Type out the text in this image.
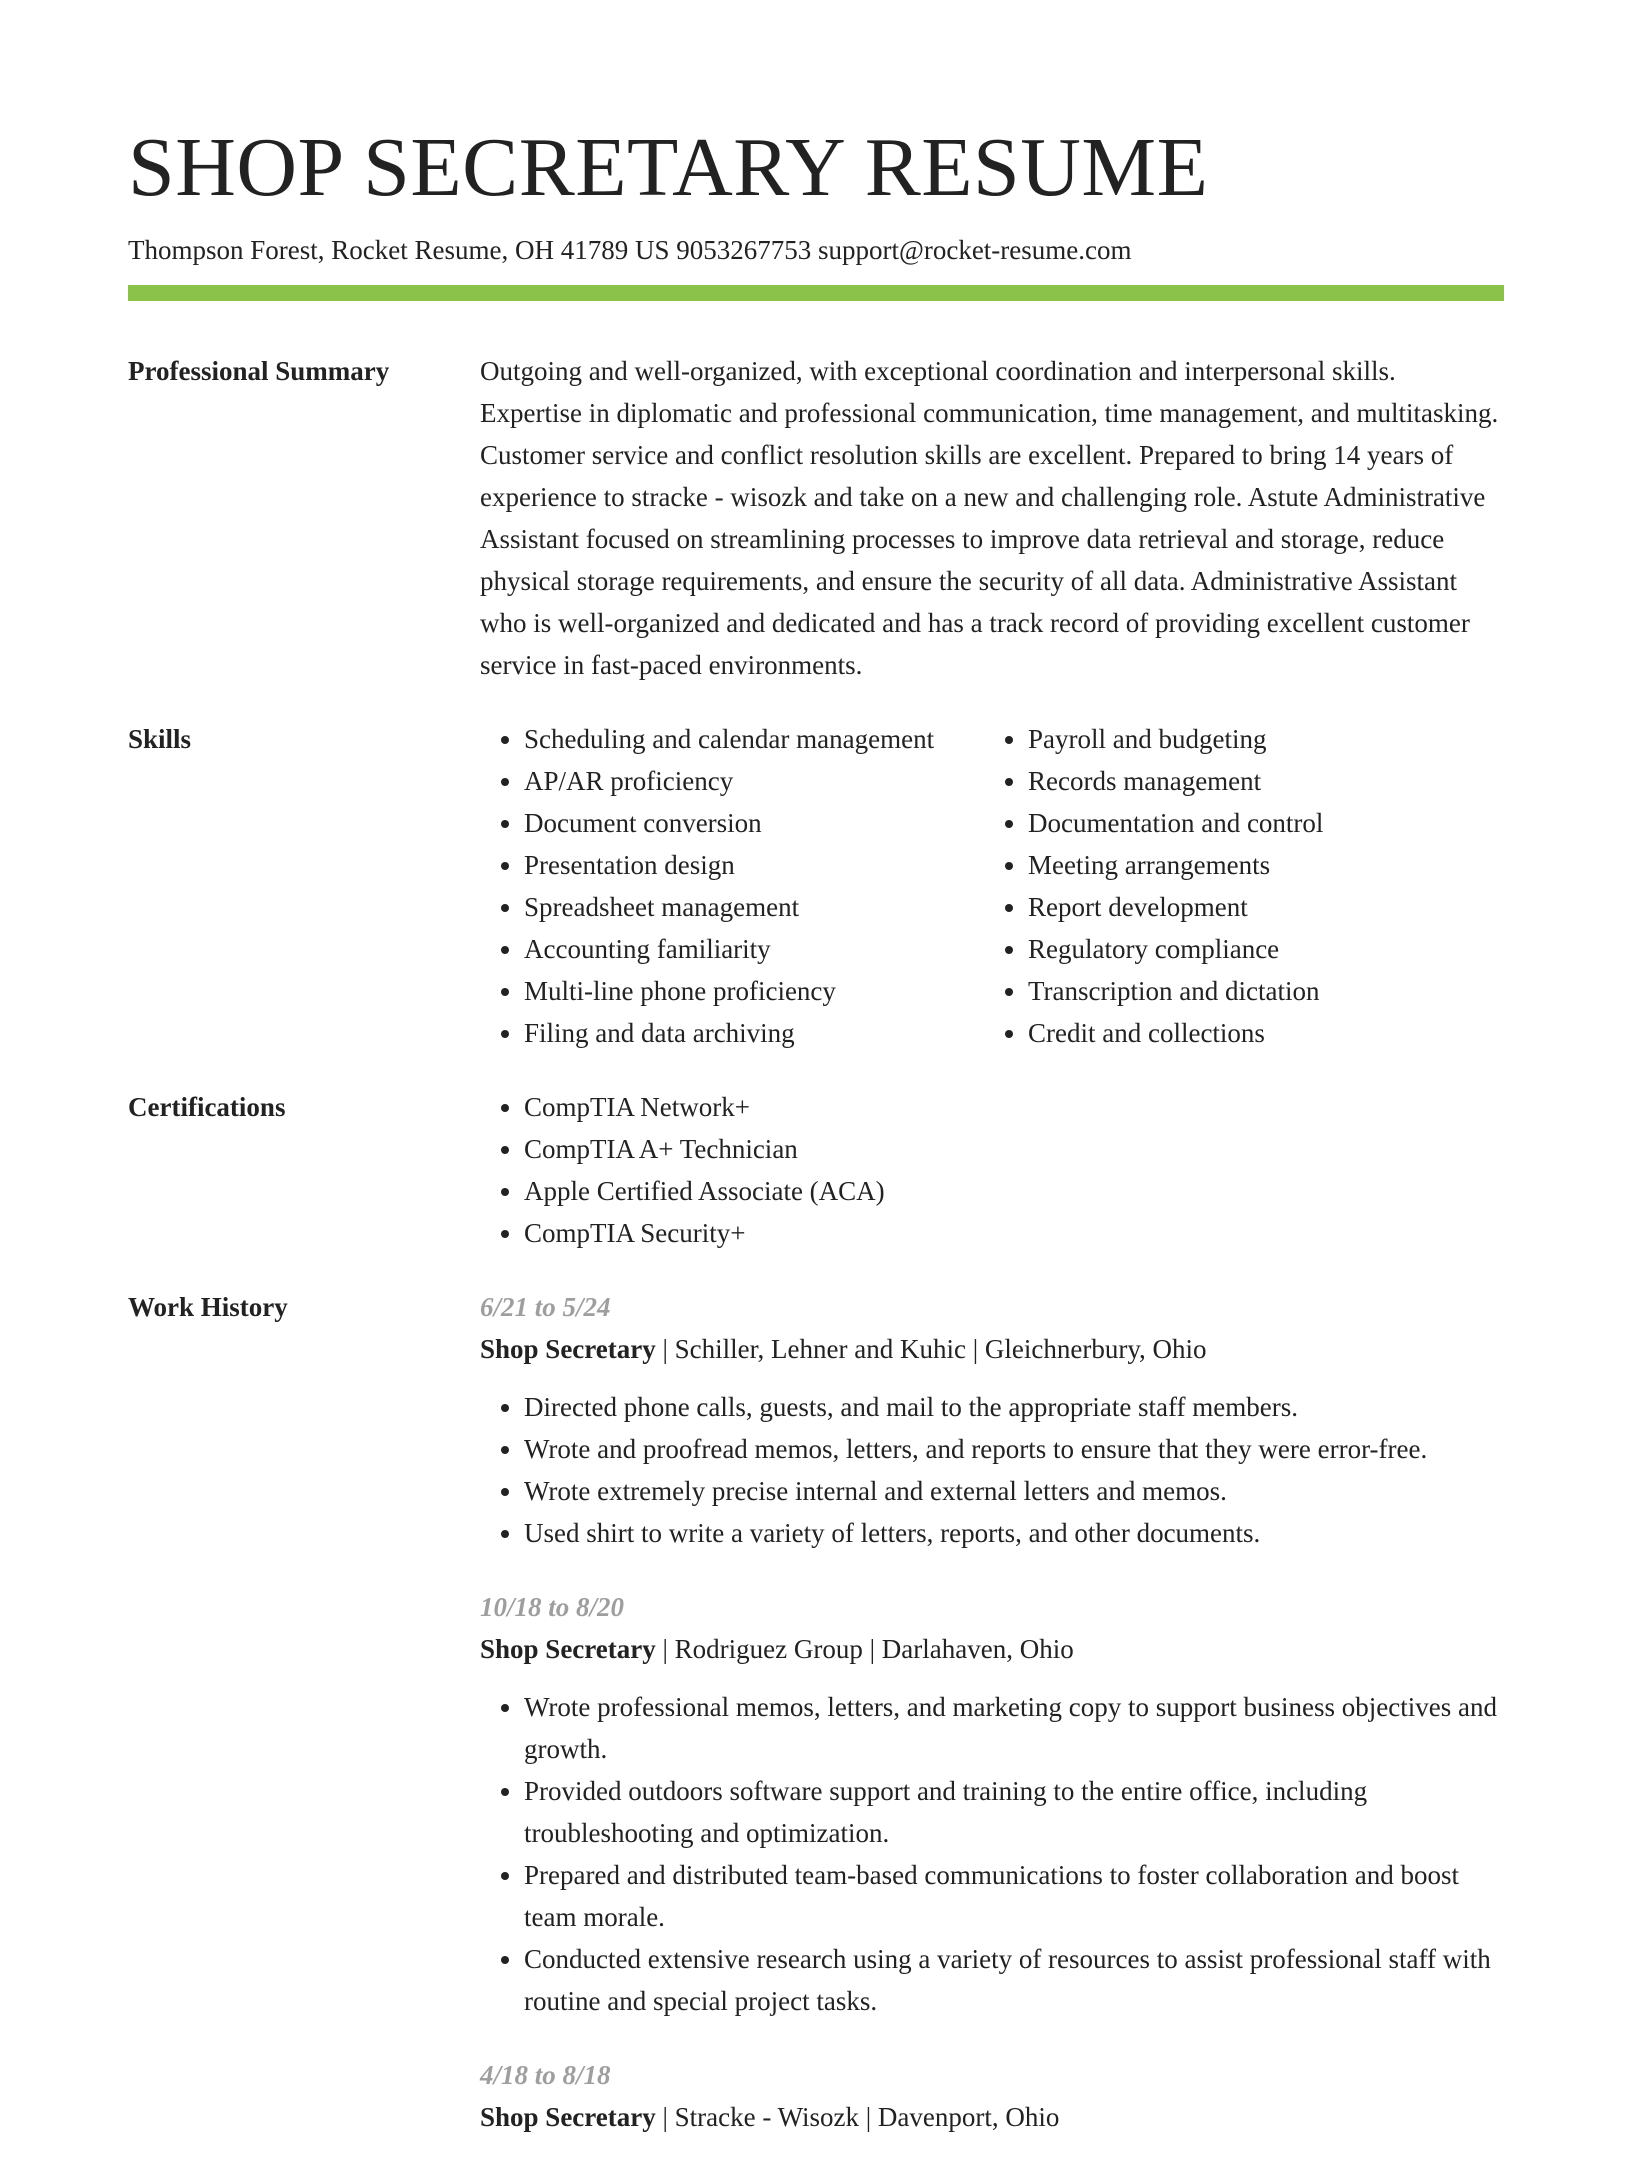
SHOP SECRETARY RESUME
Thompson Forest, Rocket Resume, OH 41789 US 9053267753 support@rocket-resume.com
Professional Summary	Outgoing and well-organized, with exceptional coordination and interpersonal skills. Expertise in diplomatic and professional communication, time management, and multitasking. Customer service and conflict resolution skills are excellent. Prepared to bring 14 years of experience to stracke - wisozk and take on a new and challenging role. Astute Administrative Assistant focused on streamlining processes to improve data retrieval and storage, reduce physical storage requirements, and ensure the security of all data. Administrative Assistant who is well-organized and dedicated and has a track record of providing excellent customer service in fast-paced environments.

Skills	• Scheduling and calendar management
• AP/AR proficiency
• Document conversion
• Presentation design
• Spreadsheet management
• Accounting familiarity
• Multi-line phone proficiency
• Filing and data archiving
• Payroll and budgeting
• Records management
• Documentation and control
• Meeting arrangements
• Report development
• Regulatory compliance
• Transcription and dictation
• Credit and collections
Certifications	• CompTIA Network+
• CompTIA A+ Technician
• Apple Certified Associate (ACA)
• CompTIA Security+
Work History	6/21 to 5/24
Shop Secretary | Schiller, Lehner and Kuhic | Gleichnerbury, Ohio
• Directed phone calls, guests, and mail to the appropriate staff members.
• Wrote and proofread memos, letters, and reports to ensure that they were error-free.
• Wrote extremely precise internal and external letters and memos.
• Used shirt to write a variety of letters, reports, and other documents.
10/18 to 8/20
Shop Secretary | Rodriguez Group | Darlahaven, Ohio
• Wrote professional memos, letters, and marketing copy to support business objectives and growth.
• Provided outdoors software support and training to the entire office, including troubleshooting and optimization.
• Prepared and distributed team-based communications to foster collaboration and boost team morale.
• Conducted extensive research using a variety of resources to assist professional staff with routine and special project tasks.
4/18 to 8/18
Shop Secretary | Stracke - Wisozk | Davenport, Ohio
